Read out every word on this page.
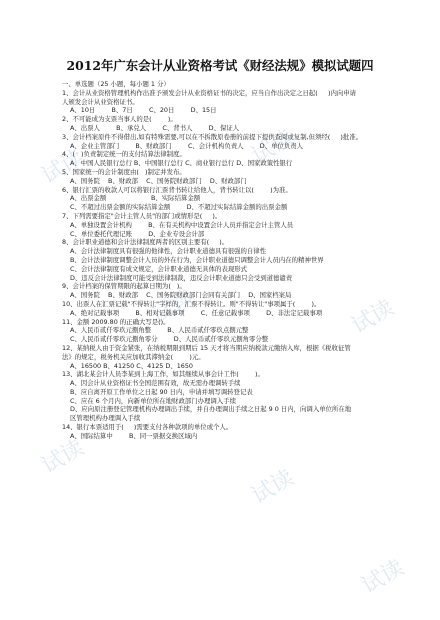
试读	试读
试读	试读
试读
试读
试读
2012年广东会计从业资格考试《财经法规》模拟试题四
一、单选题（25 小题，每小题 1 分）
1、会计从业资格管理机构作出准予颁发会计从业资格证书的决定，应当自作出决定之日起(     )内向申请
人颁发会计从业资格证书。
A、10日        B、7日        C、20日        D、15日
2、不可能成为支票当事人的是(        )。
A、出票人        B、承兑人        C、背书人        D、保证人
3、会计档案原件不得借出,如有特殊需要,可以在不拆散原卷册的前提下提供查阅或复制,但须经(     )批准。
A、企业主管部门        B、财政部门        C、会计机构负责人        D、单位负责人
4、(   )负责制定统一的支付结算法律制度。
A、中国人民银行总行 B、中国银行总行 C、商业银行总行 D、国家政策性银行
5、国家统一的会计制度由(   )制定并发布。
A、国务院    B、财政部    C、国务院财政部门    D、财政部门
6、银行汇票的收款人可以将银行汇票背书转让给他人，背书转让以(        )为准。
A、出票金额                      B、实际结算金额
C、不超过出票金额的实际结算金额        D、不超过实际结算金额的出票金额
7、下列需要指定"会计主管人员"的部门或情形是(     )。
A、单独设置会计机构        B、在有关机构中设置会计人员并指定会计主管人员
C、单位委托代理记账        D、企业专设会计部
8、会计职业道德和会计法律制度两者的区别主要有(     )。
A、会计法律制度具有很强的他律性，会计职业道德具有很强的自律性
B、会计法律制度调整会计人员的外在行为，会计职业道德只调整会计人员内在的精神世界
C、会计法律制度有成文规定，会计职业道德无具体的表现形式
D、违反会计法律制度可能受到法律制裁，违反会计职业道德只会受到道德谴责
9、会计档案的保管期限的起算日期为(   )。
A、国务院    B、财政部    C、国务院财政部门会同有关部门    D、国家档案局
10、出票人在汇票记载"不得转让"字样的，汇票不得转让。则"不得转让"事项属于(        )。
A、绝对记载事项        B、相对记载事项        C、任意记载事项        D、非法定记载事项
11、金额 2009.80 的正确大写是()。
A、人民币贰仟零玖元捌角整        B、人民币贰仟零玖点捌元整
C、人民币贰仟零玖元捌角零分        D、人民币贰仟零玖元捌角零分整
12、某纳税人由于资金紧张，在纳税期限到期后 15 天才将当期应纳税款元缴纳入库，根据《税收征管
法》的规定，税务机关应加收其滞纳金(        )元。
A、16500 B、41250 C、4125 D、1650
13、湖北某会计人员李某到上海工作，如其继续从事会计工作(        )。
A、因会计从业资格证书全国范围有效，故无需办理调转手续
B、应自离开原工作单位之日起 90 日内，申请并填写调转登记表
C、应在 6 个月内，向新单位所在地财政部门办理调入手续
D、应向原注册登记管理机构办理调出手续，并自办理调出手续之日起 9 0 日内，向调入单位所在地
区管理机构办理调入手续
14、银行本票适用于(     )需要支付各种款项的单位或个人。
A、国际结算中        B、同一票据交换区域内
